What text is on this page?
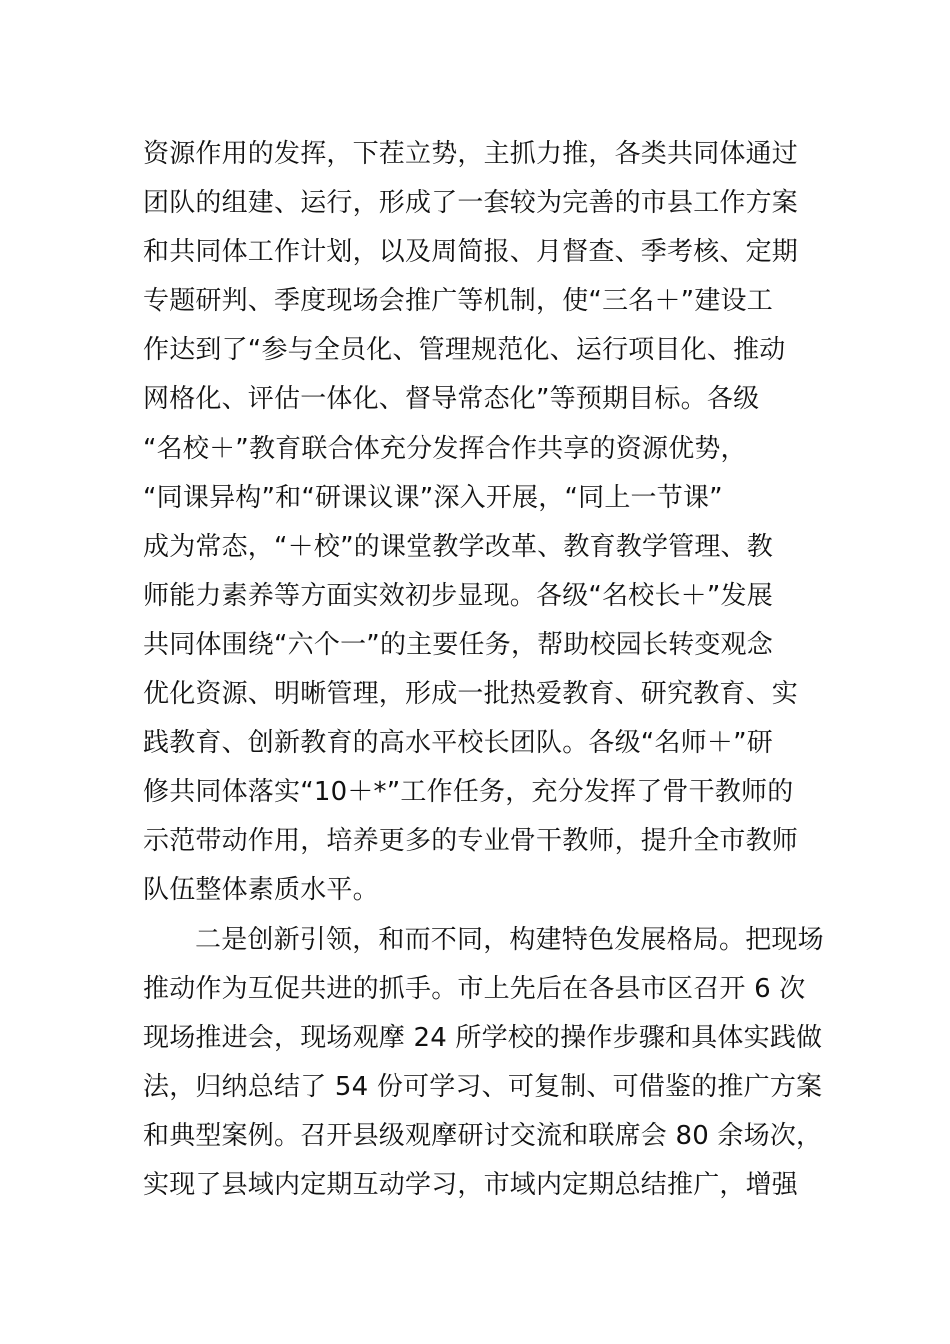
资源作用的发挥，下茬立势，主抓力推，各类共同体通过
团队的组建、运行，形成了一套较为完善的市县工作方案
和共同体工作计划，以及周简报、月督查、季考核、定期
专题研判、季度现场会推广等机制，使“三名＋”建设工
作达到了“参与全员化、管理规范化、运行项目化、推动
网格化、评估一体化、督导常态化”等预期目标。各级
“名校＋”教育联合体充分发挥合作共享的资源优势，
“同课异构”和“研课议课”深入开展，“同上一节课”
成为常态，“＋校”的课堂教学改革、教育教学管理、教
师能力素养等方面实效初步显现。各级“名校长＋”发展
共同体围绕“六个一”的主要任务，帮助校园长转变观念
优化资源、明晰管理，形成一批热爱教育、研究教育、实
践教育、创新教育的高水平校长团队。各级“名师＋”研
修共同体落实“10＋*”工作任务，充分发挥了骨干教师的
示范带动作用，培养更多的专业骨干教师，提升全市教师
队伍整体素质水平。
二是创新引领，和而不同，构建特色发展格局。把现场
推动作为互促共进的抓手。市上先后在各县市区召开 6 次
现场推进会，现场观摩 24 所学校的操作步骤和具体实践做
法，归纳总结了 54 份可学习、可复制、可借鉴的推广方案
和典型案例。召开县级观摩研讨交流和联席会 80 余场次，
实现了县域内定期互动学习，市域内定期总结推广，增强
